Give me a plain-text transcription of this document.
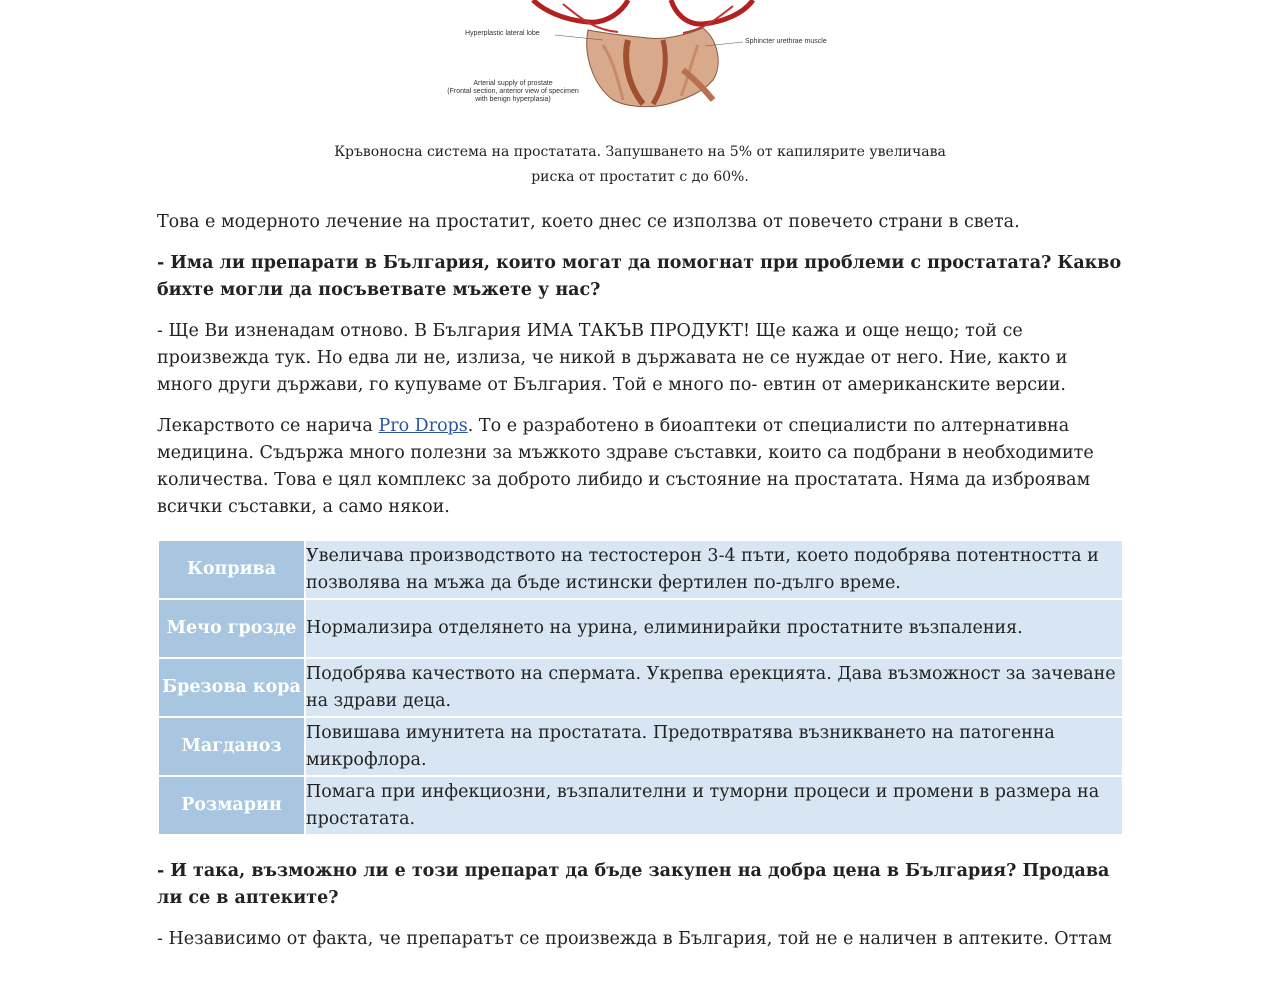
Hyperplastic lateral lobe
Sphincter urethrae muscle
Arterial supply of prostate
(Frontal section, anterior view of specimen
with benign hyperplasia)
Кръвоносна система на простатата. Запушването на 5% от капилярите увеличава
риска от простатит с до 60%.

Това е модерното лечение на простатит, което днес се използва от повечето страни в света.

- Има ли препарати в България, които могат да помогнат при проблеми с простатата? Какво бихте могли да посъветвате мъжете у нас?

- Ще Ви изненадам отново. В България ИМА ТАКЪВ ПРОДУКТ! Ще кажа и още нещо; той се произвежда тук. Но едва ли не, излиза, че никой в държавата не се нуждае от него. Ние, както и много други държави, го купуваме от България. Той е много по- евтин от американските версии.

Лекарството се нарича Pro Drops. То е разработено в биоаптеки от специалисти по алтернативна медицина. Съдържа много полезни за мъжкото здраве съставки, които са подбрани в необходимите количества. Това е цял комплекс за доброто либидо и състояние на простатата. Няма да изброявам всички съставки, а само някои.

Коприва	Увеличава производството на тестостерон 3-4 пъти, което подобрява потентността и позволява на мъжа да бъде истински фертилен по-дълго време.
Мечо грозде	Нормализира отделянето на урина, елиминирайки простатните възпаления.
Брезова кора	Подобрява качеството на спермата. Укрепва ерекцията. Дава възможност за зачеване на здрави деца.
Магданоз	Повишава имунитета на простатата. Предотвратява възникването на патогенна микрофлора.
Розмарин	Помага при инфекциозни, възпалителни и туморни процеси и промени в размера на простатата.

- И така, възможно ли е този препарат да бъде закупен на добра цена в България? Продава ли се в аптеките?

- Независимо от факта, че препаратът се произвежда в България, той не е наличен в аптеките. Оттам
